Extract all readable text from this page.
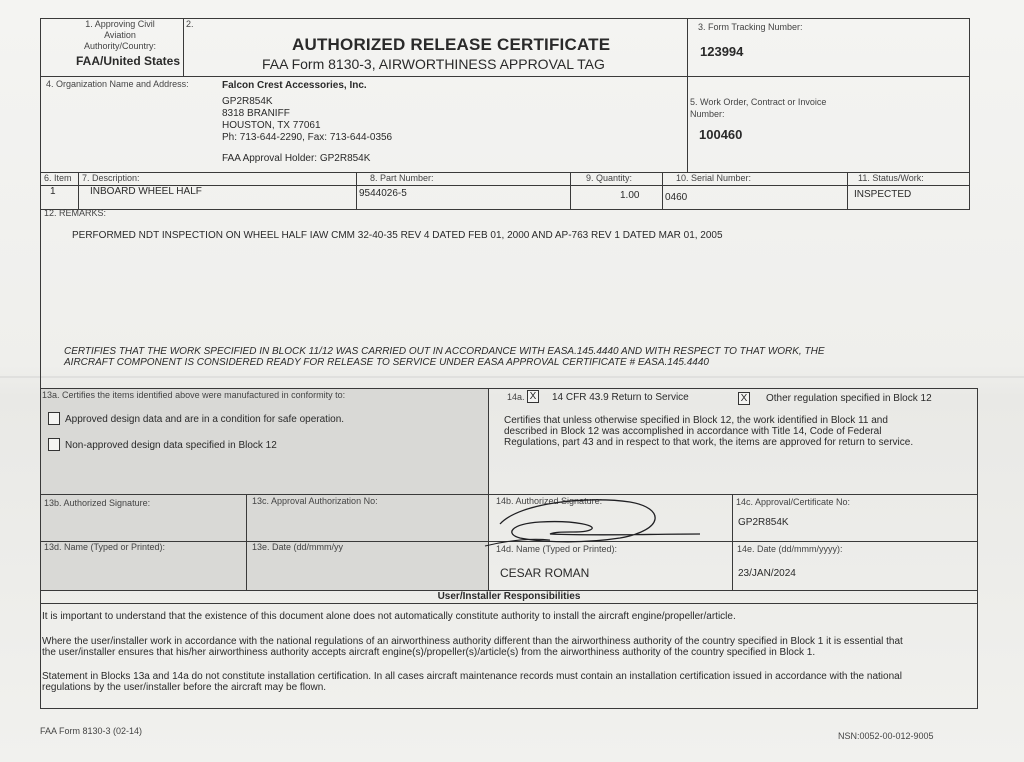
1. Approving Civil Aviation Authority/Country:
FAA/United States
2.
AUTHORIZED RELEASE CERTIFICATE
FAA Form 8130-3, AIRWORTHINESS APPROVAL TAG
3. Form Tracking Number:
123994
4. Organization Name and Address:	Falcon Crest Accessories, Inc.
GP2R854K
8318 BRANIFF
HOUSTON, TX 77061
Ph: 713-644-2290, Fax: 713-644-0356
FAA Approval Holder: GP2R854K
5. Work Order, Contract or Invoice Number:
100460
6. Item 7. Description:	8. Part Number:	9. Quantity:	10. Serial Number:	11. Status/Work:
1	INBOARD WHEEL HALF	9544026-5	1.00	0460	INSPECTED
12. REMARKS:
PERFORMED NDT INSPECTION ON WHEEL HALF IAW CMM 32-40-35 REV 4 DATED FEB 01, 2000 AND AP-763 REV 1 DATED MAR 01, 2005
CERTIFIES THAT THE WORK SPECIFIED IN BLOCK 11/12 WAS CARRIED OUT IN ACCORDANCE WITH EASA.145.4440 AND WITH RESPECT TO THAT WORK, THE
AIRCRAFT COMPONENT IS CONSIDERED READY FOR RELEASE TO SERVICE UNDER EASA APPROVAL CERTIFICATE # EASA.145.4440
13a. Certifies the items identified above were manufactured in conformity to:
Approved design data and are in a condition for safe operation.
Non-approved design data specified in Block 12
14a. X 14 CFR 43.9 Return to Service	X Other regulation specified in Block 12
Certifies that unless otherwise specified in Block 12, the work identified in Block 11 and
described in Block 12 was accomplished in accordance with Title 14, Code of Federal
Regulations, part 43 and in respect to that work, the items are approved for return to service.
13b. Authorized Signature:	13c. Approval Authorization No:
13d. Name (Typed or Printed):	13e. Date (dd/mmm/yy
14b. Authorized Signature:	14c. Approval/Certificate No:
GP2R854K
14d. Name (Typed or Printed):
CESAR ROMAN
14e. Date (dd/mmm/yyyy):
23/JAN/2024
User/Installer Responsibilities
It is important to understand that the existence of this document alone does not automatically constitute authority to install the aircraft engine/propeller/article.
Where the user/installer work in accordance with the national regulations of an airworthiness authority different than the airworthiness authority of the country specified in Block 1 it is essential that
the user/installer ensures that his/her airworthiness authority accepts aircraft engine(s)/propeller(s)/article(s) from the airworthiness authority of the country specified in Block 1.
Statement in Blocks 13a and 14a do not constitute installation certification. In all cases aircraft maintenance records must contain an installation certification issued in accordance with the national
regulations by the user/installer before the aircraft may be flown.
FAA Form 8130-3 (02-14)	NSN:0052-00-012-9005
